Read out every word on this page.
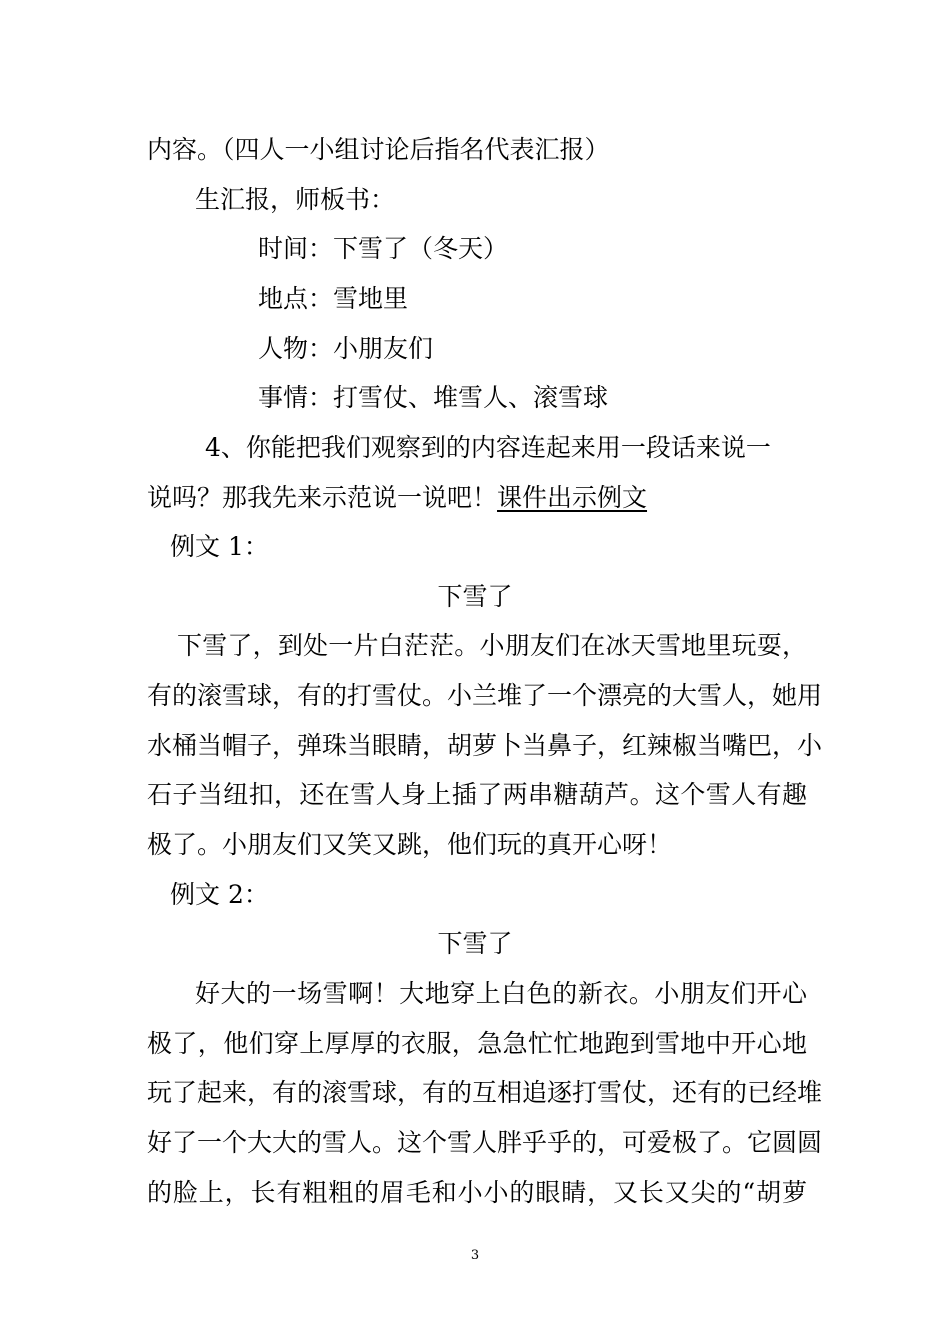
内容。（四人一小组讨论后指名代表汇报）
生汇报，师板书：
时间：下雪了（冬天）
地点：雪地里
人物：小朋友们
事情：打雪仗、堆雪人、滚雪球
4、你能把我们观察到的内容连起来用一段话来说一
说吗？那我先来示范说一说吧！课件出示例文
例文 1：
下雪了
下雪了，到处一片白茫茫。小朋友们在冰天雪地里玩耍，
有的滚雪球，有的打雪仗。小兰堆了一个漂亮的大雪人，她用
水桶当帽子，弹珠当眼睛，胡萝卜当鼻子，红辣椒当嘴巴，小
石子当纽扣，还在雪人身上插了两串糖葫芦。这个雪人有趣
极了。小朋友们又笑又跳，他们玩的真开心呀！
例文 2：
下雪了
好大的一场雪啊！大地穿上白色的新衣。小朋友们开心
极了，他们穿上厚厚的衣服，急急忙忙地跑到雪地中开心地
玩了起来，有的滚雪球，有的互相追逐打雪仗，还有的已经堆
好了一个大大的雪人。这个雪人胖乎乎的，可爱极了。它圆圆
的脸上，长有粗粗的眉毛和小小的眼睛，又长又尖的“胡萝
3
